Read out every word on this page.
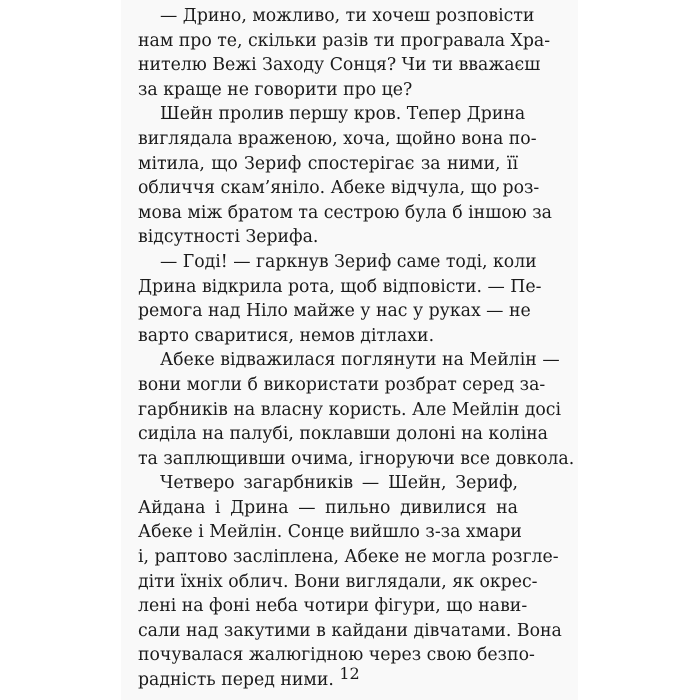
— Дрино, можливо, ти хочеш розповісти
нам про те, скільки разів ти програвала Хра-
нителю Вежі Заходу Сонця? Чи ти вважаєш
за краще не говорити про це?
Шейн пролив першу кров. Тепер Дрина
виглядала враженою, хоча, щойно вона по-
мітила, що Зериф спостерігає за ними, її
обличчя скам’яніло. Абеке відчула, що роз-
мова між братом та сестрою була б іншою за
відсутності Зерифа.
— Годі! — гаркнув Зериф саме тоді, коли
Дрина відкрила рота, щоб відповісти. — Пе-
ремога над Ніло майже у нас у руках — не
варто сваритися, немов дітлахи.
Абеке відважилася поглянути на Мейлін —
вони могли б використати розбрат серед за-
гарбників на власну користь. Але Мейлін досі
сиділа на палубі, поклавши долоні на коліна
та заплющивши очима, ігноруючи все довкола.
Четверо загарбників — Шейн, Зериф,
Айдана і Дрина — пильно дивилися на
Абеке і Мейлін. Сонце вийшло з-за хмари
і, раптово засліплена, Абеке не могла розгле-
діти їхніх облич. Вони виглядали, як окрес-
лені на фоні неба чотири фігури, що нави-
сали над закутими в кайдани дівчатами. Вона
почувалася жалюгідною через свою безпо-
радність перед ними. 12
